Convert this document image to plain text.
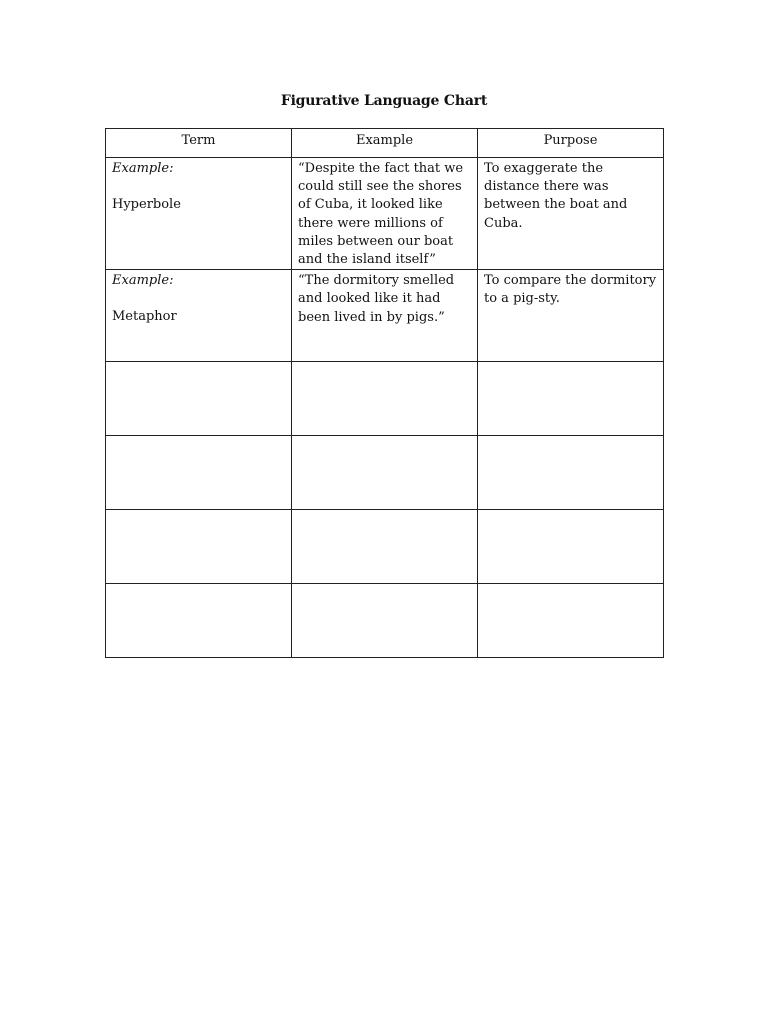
Figurative Language Chart
Term	Example	Purpose

Example:
Hyperbole	“Despite the fact that we could still see the shores of Cuba, it looked like there were millions of miles between our boat and the island itself”	To exaggerate the distance there was between the boat and Cuba.

Example:
Metaphor	“The dormitory smelled and looked like it had been lived in by pigs.”	To compare the dormitory to a pig-sty.
